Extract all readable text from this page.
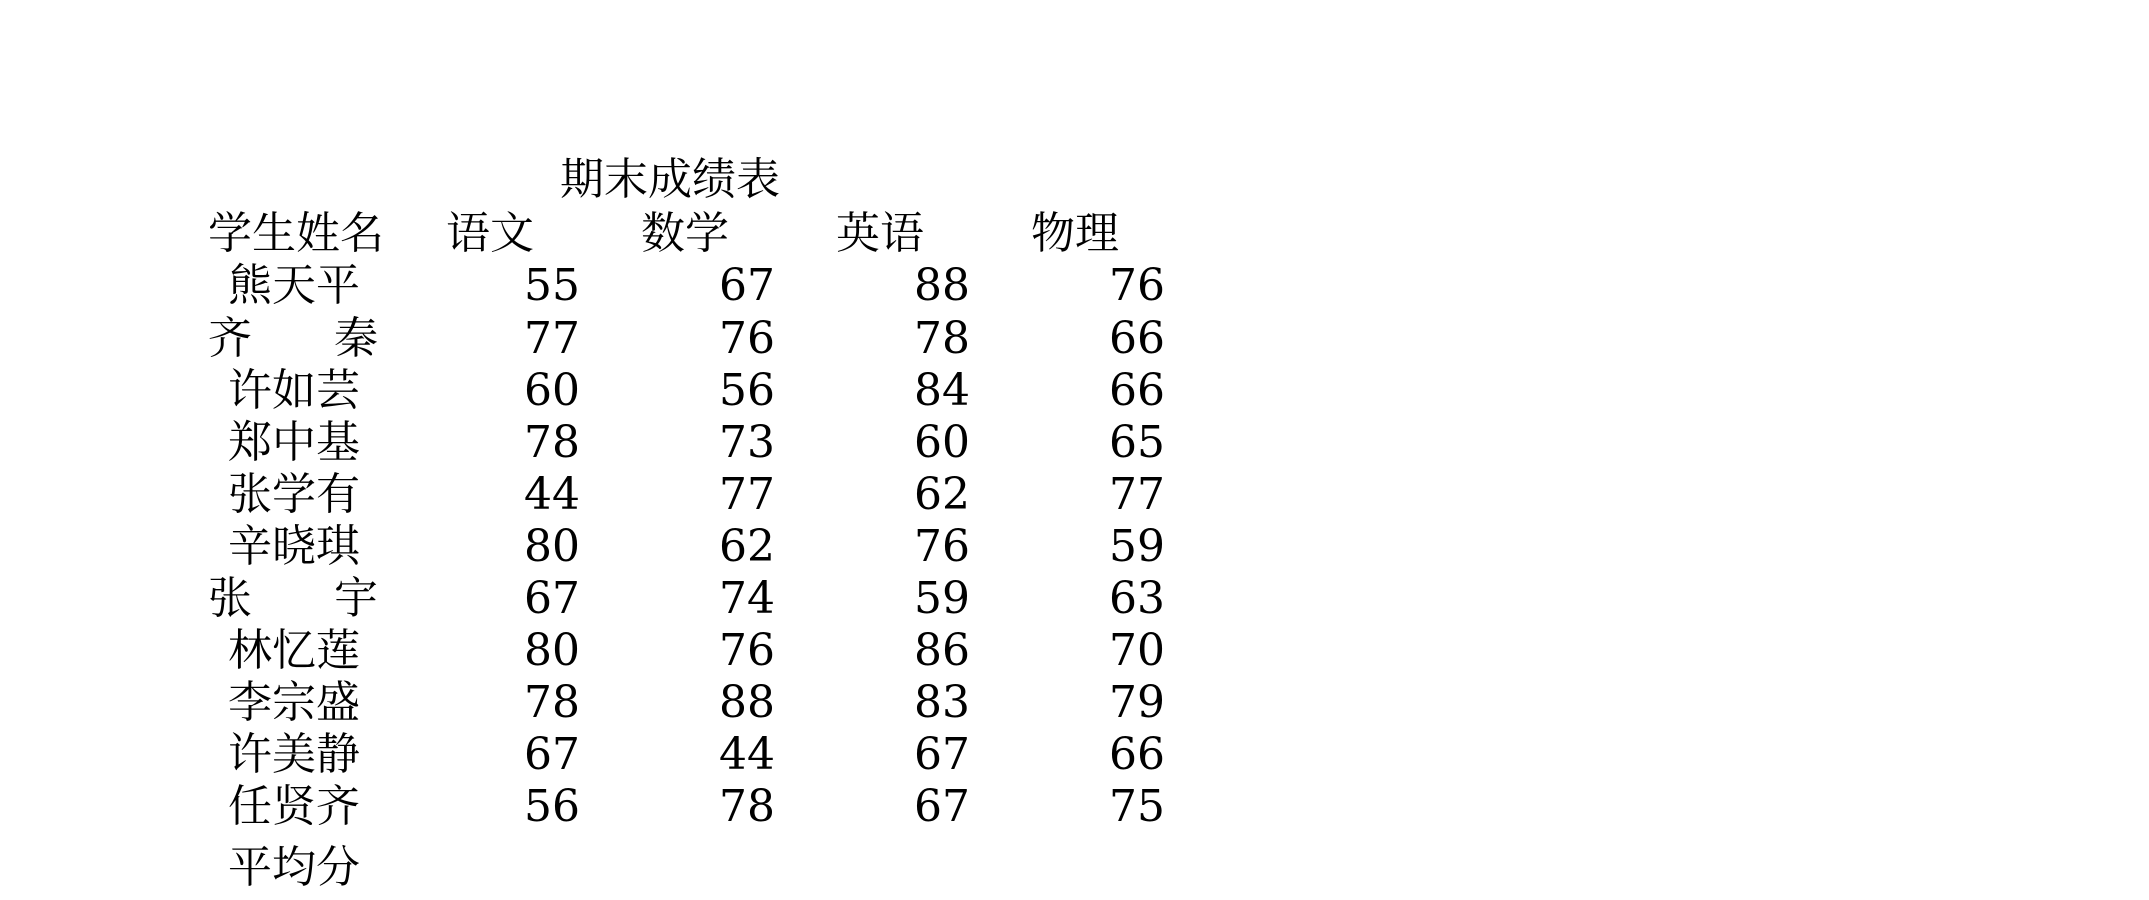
期末成绩表
学生姓名	语文	数学	英语	物理
熊天平	55	67	88	76
齐 秦	77	76	78	66
许如芸	60	56	84	66
郑中基	78	73	60	65
张学有	44	77	62	77
辛晓琪	80	62	76	59
张 宇	67	74	59	63
林忆莲	80	76	86	70
李宗盛	78	88	83	79
许美静	67	44	67	66
任贤齐	56	78	67	75
平均分
